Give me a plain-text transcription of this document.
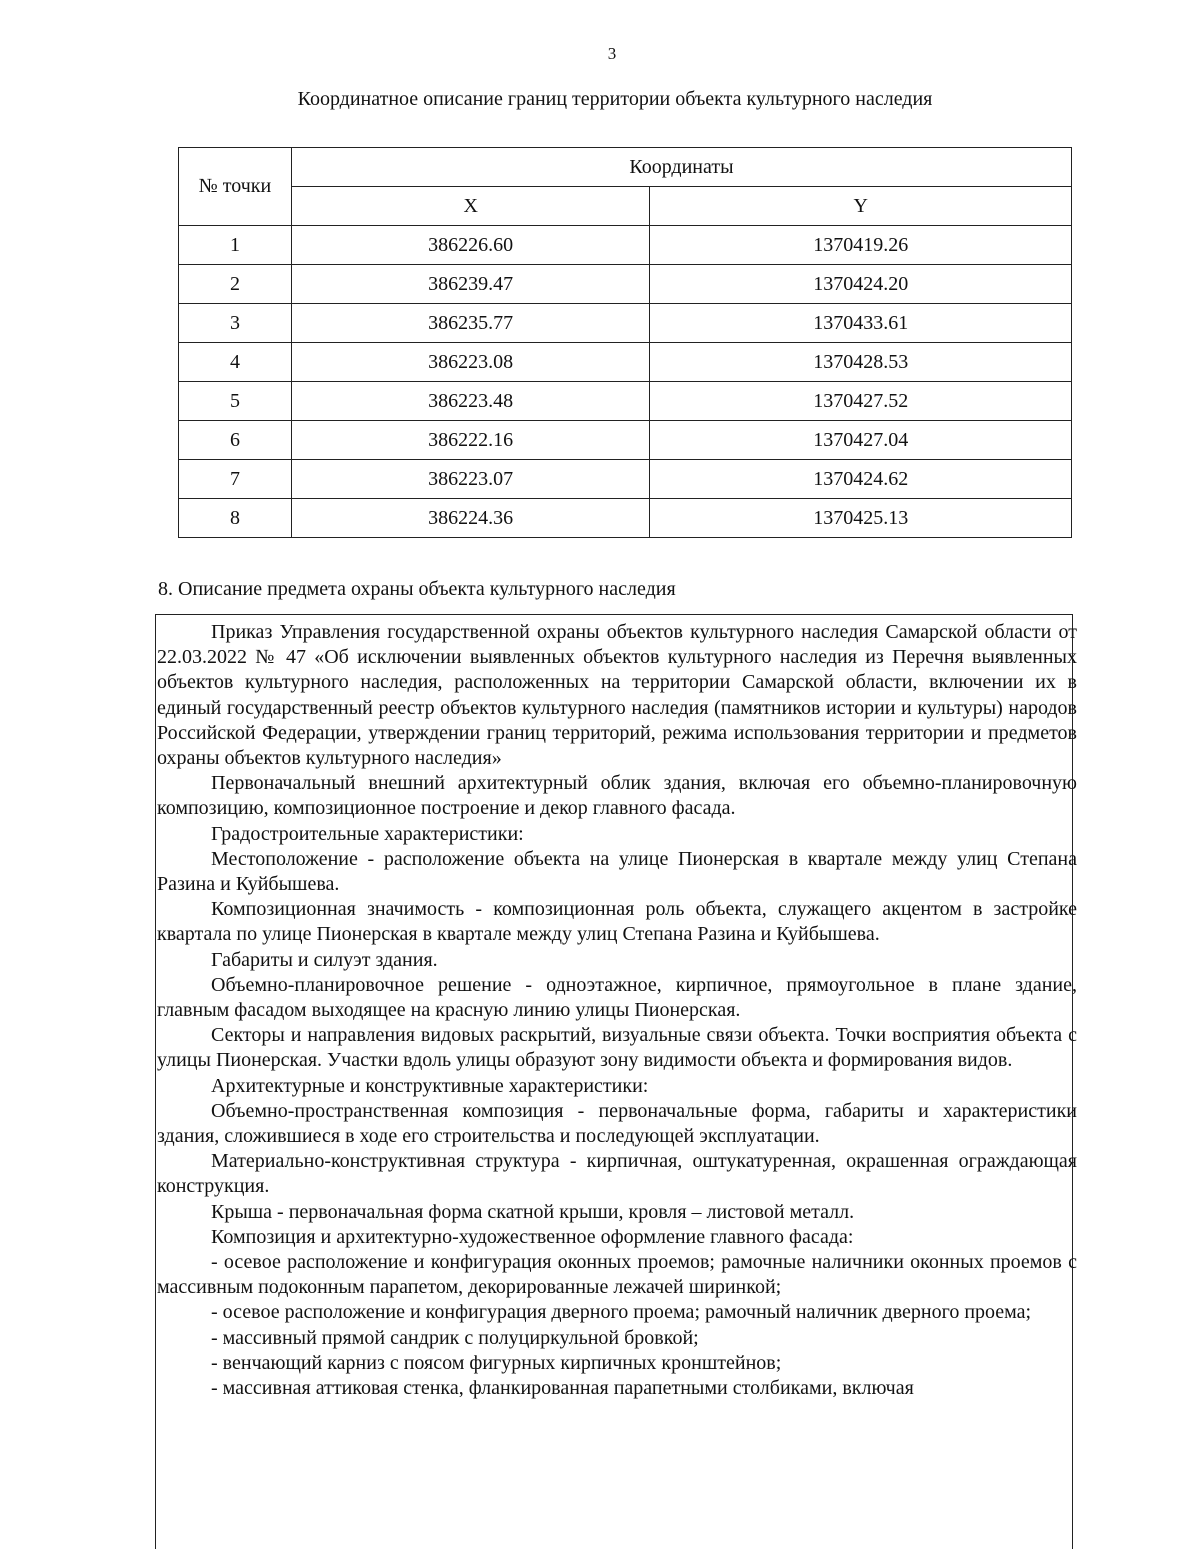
3
Координатное описание границ территории объекта культурного наследия
№ точки	Координаты	
	X	Y
1	386226.60	1370419.26
2	386239.47	1370424.20
3	386235.77	1370433.61
4	386223.08	1370428.53
5	386223.48	1370427.52
6	386222.16	1370427.04
7	386223.07	1370424.62
8	386224.36	1370425.13
8. Описание предмета охраны объекта культурного наследия

Приказ Управления государственной охраны объектов культурного наследия Самарской области от 22.03.2022 № 47 «Об исключении выявленных объектов культурного наследия из Перечня выявленных объектов культурного наследия, расположенных на территории Самарской области, включении их в единый государственный реестр объектов культурного наследия (памятников истории и культуры) народов Российской Федерации, утверждении границ территорий, режима использования территории и предметов охраны объектов культурного наследия»

Первоначальный внешний архитектурный облик здания, включая его объемно-планировочную композицию, композиционное построение и декор главного фасада.

Градостроительные характеристики:

Местоположение - расположение объекта на улице Пионерская в квартале между улиц Степана Разина и Куйбышева.

Композиционная значимость - композиционная роль объекта, служащего акцентом в застройке квартала по улице Пионерская в квартале между улиц Степана Разина и Куйбышева.

Габариты и силуэт здания.

Объемно-планировочное решение - одноэтажное, кирпичное, прямоугольное в плане здание, главным фасадом выходящее на красную линию улицы Пионерская.

Секторы и направления видовых раскрытий, визуальные связи объекта. Точки восприятия объекта с улицы Пионерская. Участки вдоль улицы образуют зону видимости объекта и формирования видов.

Архитектурные и конструктивные характеристики:

Объемно-пространственная композиция - первоначальные форма, габариты и характеристики здания, сложившиеся в ходе его строительства и последующей эксплуатации.

Материально-конструктивная структура - кирпичная, оштукатуренная, окрашенная ограждающая конструкция.

Крыша - первоначальная форма скатной крыши, кровля – листовой металл.

Композиция и архитектурно-художественное оформление главного фасада:

- осевое расположение и конфигурация оконных проемов; рамочные наличники оконных проемов с массивным подоконным парапетом, декорированные лежачей ширинкой;

- осевое расположение и конфигурация дверного проема; рамочный наличник дверного проема;

- массивный прямой сандрик с полуциркульной бровкой;

- венчающий карниз с поясом фигурных кирпичных кронштейнов;

- массивная аттиковая стенка, фланкированная парапетными столбиками, включая
